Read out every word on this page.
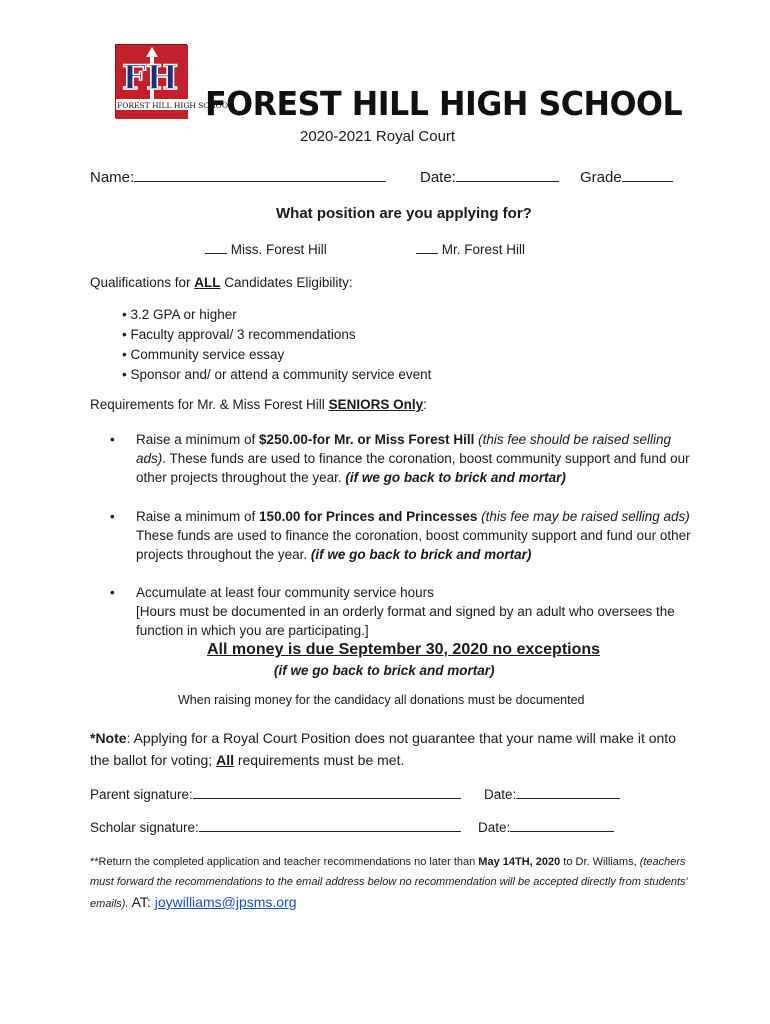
FH
FOREST HILL HIGH SCHOOL
FOREST HILL HIGH SCHOOL
2020-2021 Royal Court
Name:	Date:	Grade
What position are you applying for?
Miss. Forest Hill	Mr. Forest Hill
Qualifications for ALL Candidates Eligibility:
• 3.2 GPA or higher
• Faculty approval/ 3 recommendations
• Community service essay
• Sponsor and/ or attend a community service event
Requirements for Mr. & Miss Forest Hill SENIORS Only:
• Raise a minimum of $250.00-for Mr. or Miss Forest Hill (this fee should be raised selling ads). These funds are used to finance the coronation, boost community support and fund our other projects throughout the year. (if we go back to brick and mortar)
• Raise a minimum of 150.00 for Princes and Princesses (this fee may be raised selling ads) These funds are used to finance the coronation, boost community support and fund our other projects throughout the year. (if we go back to brick and mortar)
• Accumulate at least four community service hours
[Hours must be documented in an orderly format and signed by an adult who oversees the function in which you are participating.]
All money is due September 30, 2020 no exceptions
(if we go back to brick and mortar)
When raising money for the candidacy all donations must be documented
*Note: Applying for a Royal Court Position does not guarantee that your name will make it onto the ballot for voting; All requirements must be met.
Parent signature:	Date:
Scholar signature:	Date:
**Return the completed application and teacher recommendations no later than May 14TH, 2020 to Dr. Williams, (teachers must forward the recommendations to the email address below no recommendation will be accepted directly from students' emails). AT: joywilliams@jpsms.org
